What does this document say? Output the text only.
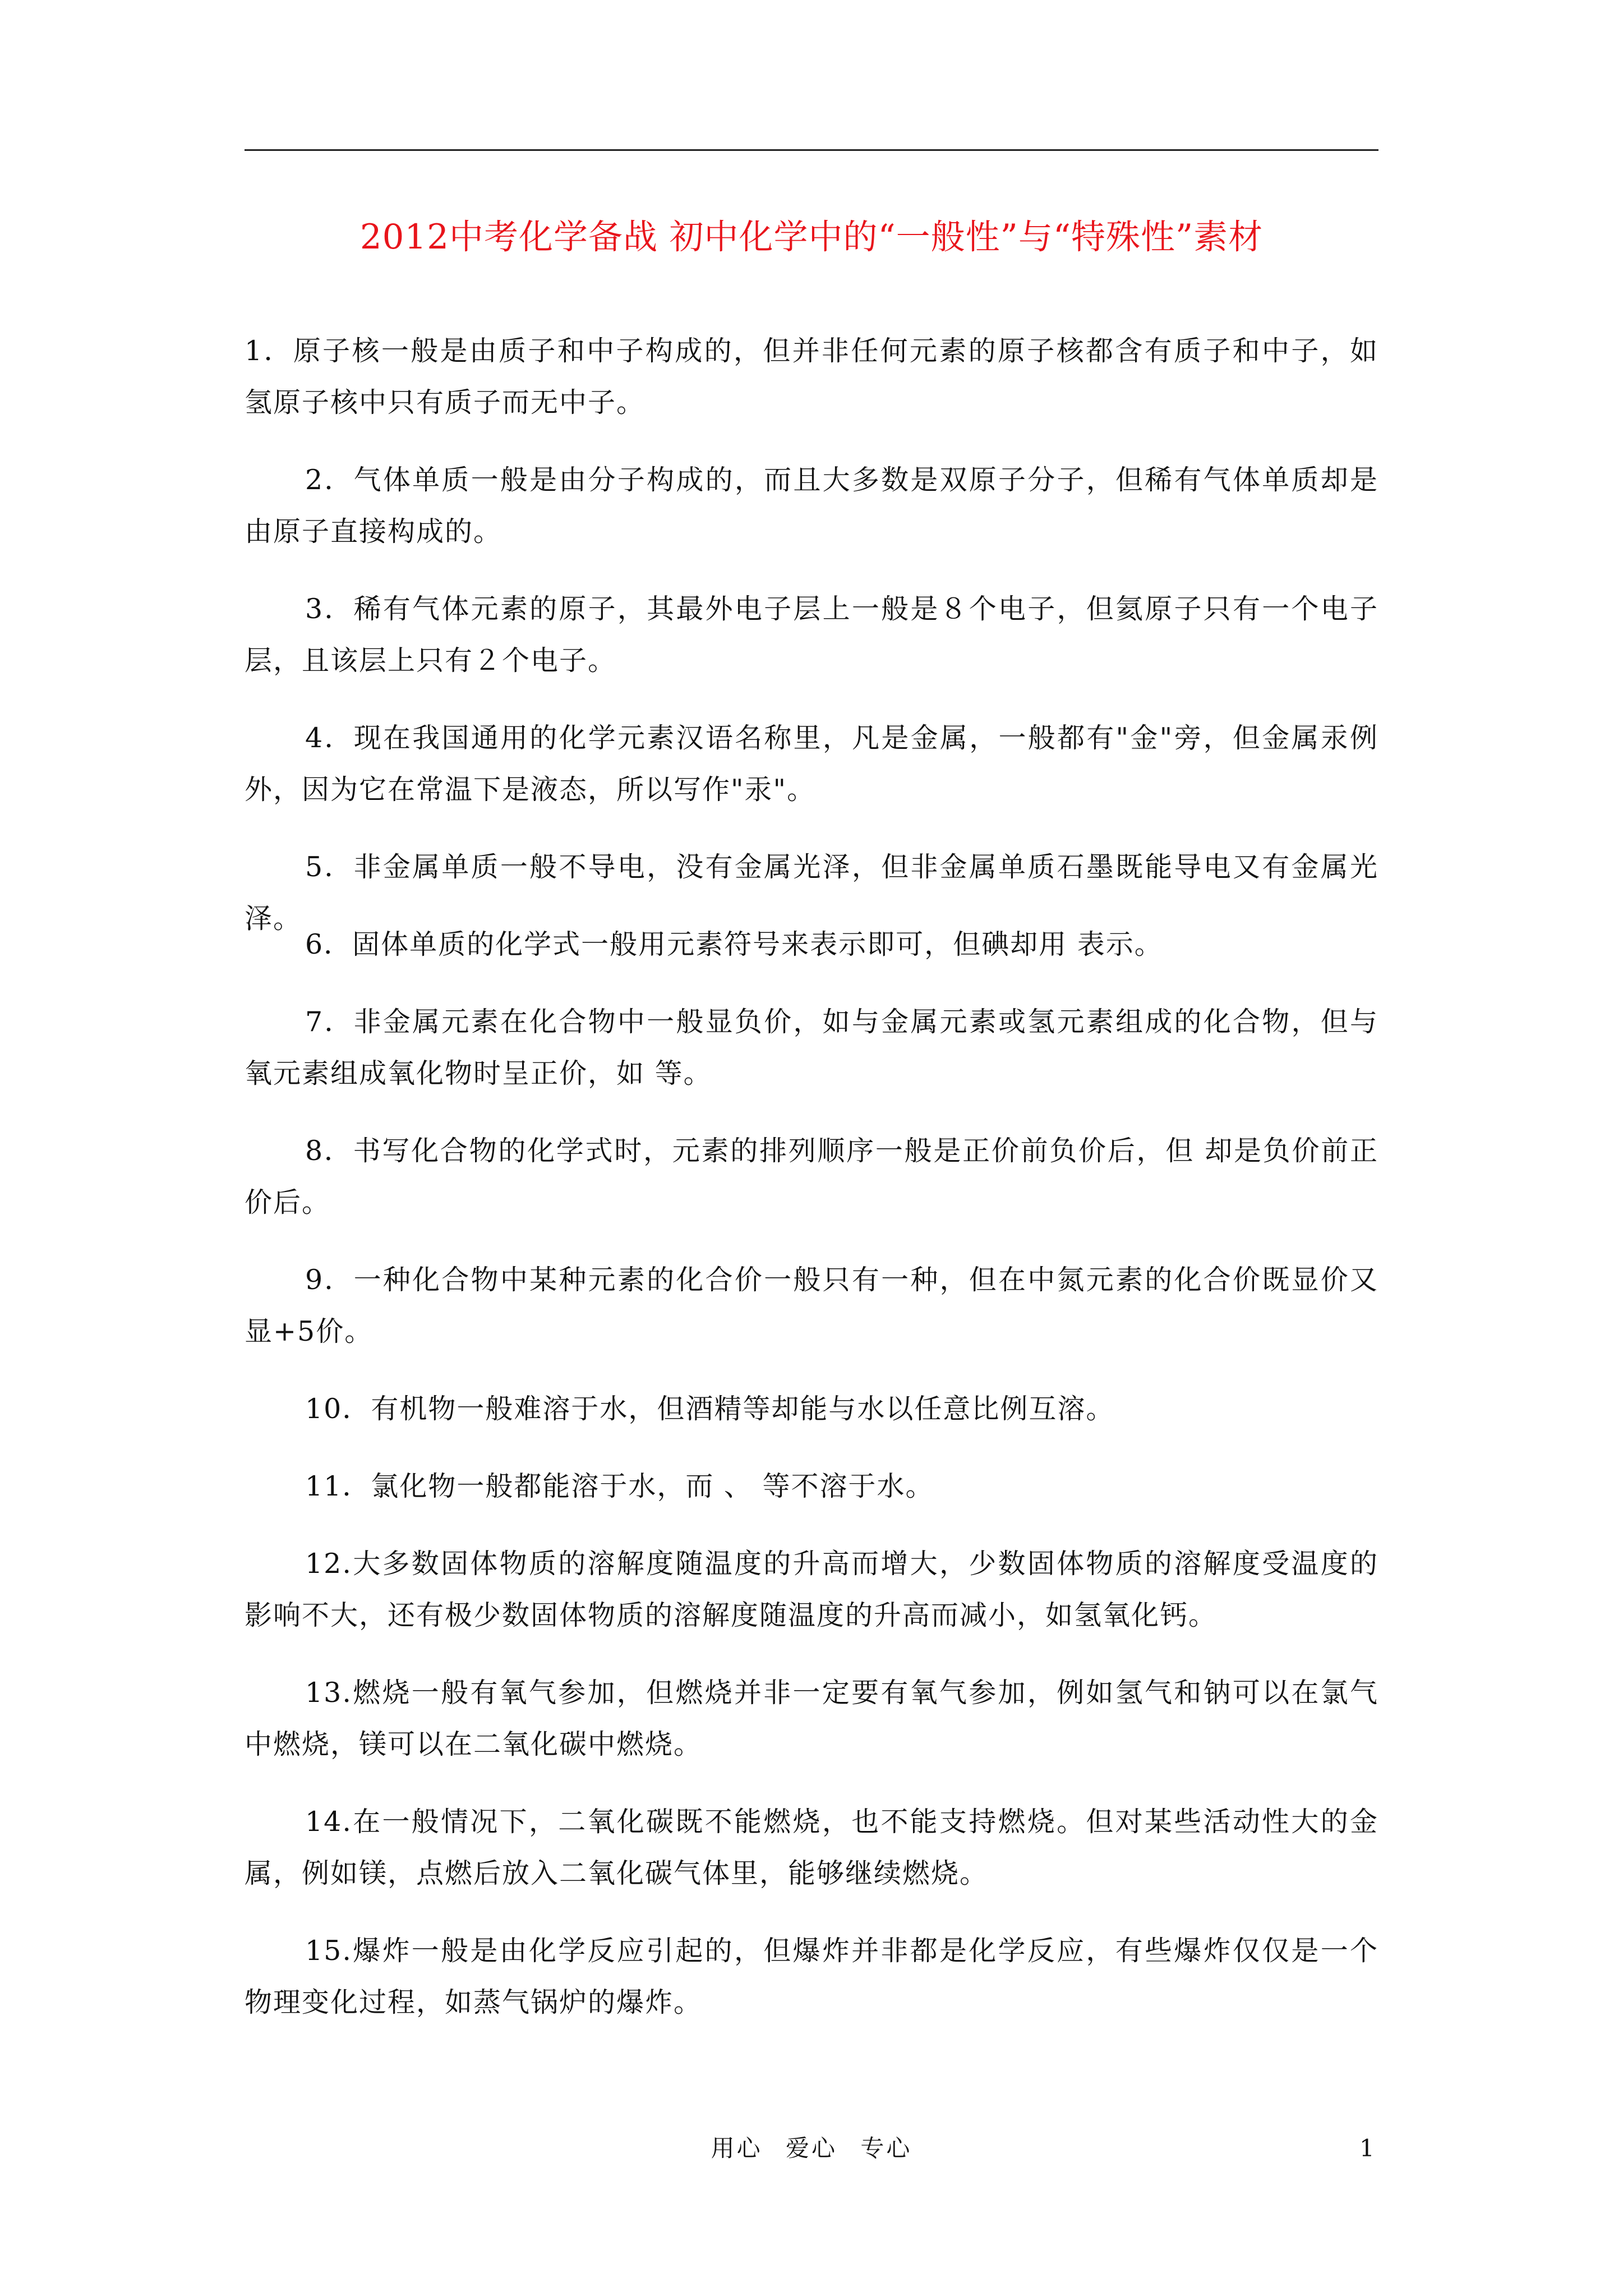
2012中考化学备战 初中化学中的“一般性”与“特殊性”素材

1．原子核一般是由质子和中子构成的，但并非任何元素的原子核都含有质子和中子，如氢原子核中只有质子而无中子。

2．气体单质一般是由分子构成的，而且大多数是双原子分子，但稀有气体单质却是由原子直接构成的。

3．稀有气体元素的原子，其最外电子层上一般是８个电子，但氦原子只有一个电子层，且该层上只有２个电子。

4．现在我国通用的化学元素汉语名称里，凡是金属，一般都有"金"旁，但金属汞例外，因为它在常温下是液态，所以写作"汞"。

5．非金属单质一般不导电，没有金属光泽，但非金属单质石墨既能导电又有金属光泽。

6．固体单质的化学式一般用元素符号来表示即可，但碘却用 表示。

7．非金属元素在化合物中一般显负价，如与金属元素或氢元素组成的化合物，但与氧元素组成氧化物时呈正价，如 等。

8．书写化合物的化学式时，元素的排列顺序一般是正价前负价后，但 却是负价前正价后。

9．一种化合物中某种元素的化合价一般只有一种，但在中氮元素的化合价既显价又显+5价。

10．有机物一般难溶于水，但酒精等却能与水以任意比例互溶。

11．氯化物一般都能溶于水，而 、 等不溶于水。

12.大多数固体物质的溶解度随温度的升高而增大，少数固体物质的溶解度受温度的影响不大，还有极少数固体物质的溶解度随温度的升高而减小，如氢氧化钙。

13.燃烧一般有氧气参加，但燃烧并非一定要有氧气参加，例如氢气和钠可以在氯气中燃烧，镁可以在二氧化碳中燃烧。

14.在一般情况下，二氧化碳既不能燃烧，也不能支持燃烧。但对某些活动性大的金属，例如镁，点燃后放入二氧化碳气体里，能够继续燃烧。

15.爆炸一般是由化学反应引起的，但爆炸并非都是化学反应，有些爆炸仅仅是一个物理变化过程，如蒸气锅炉的爆炸。

用心 爱心 专心	1
